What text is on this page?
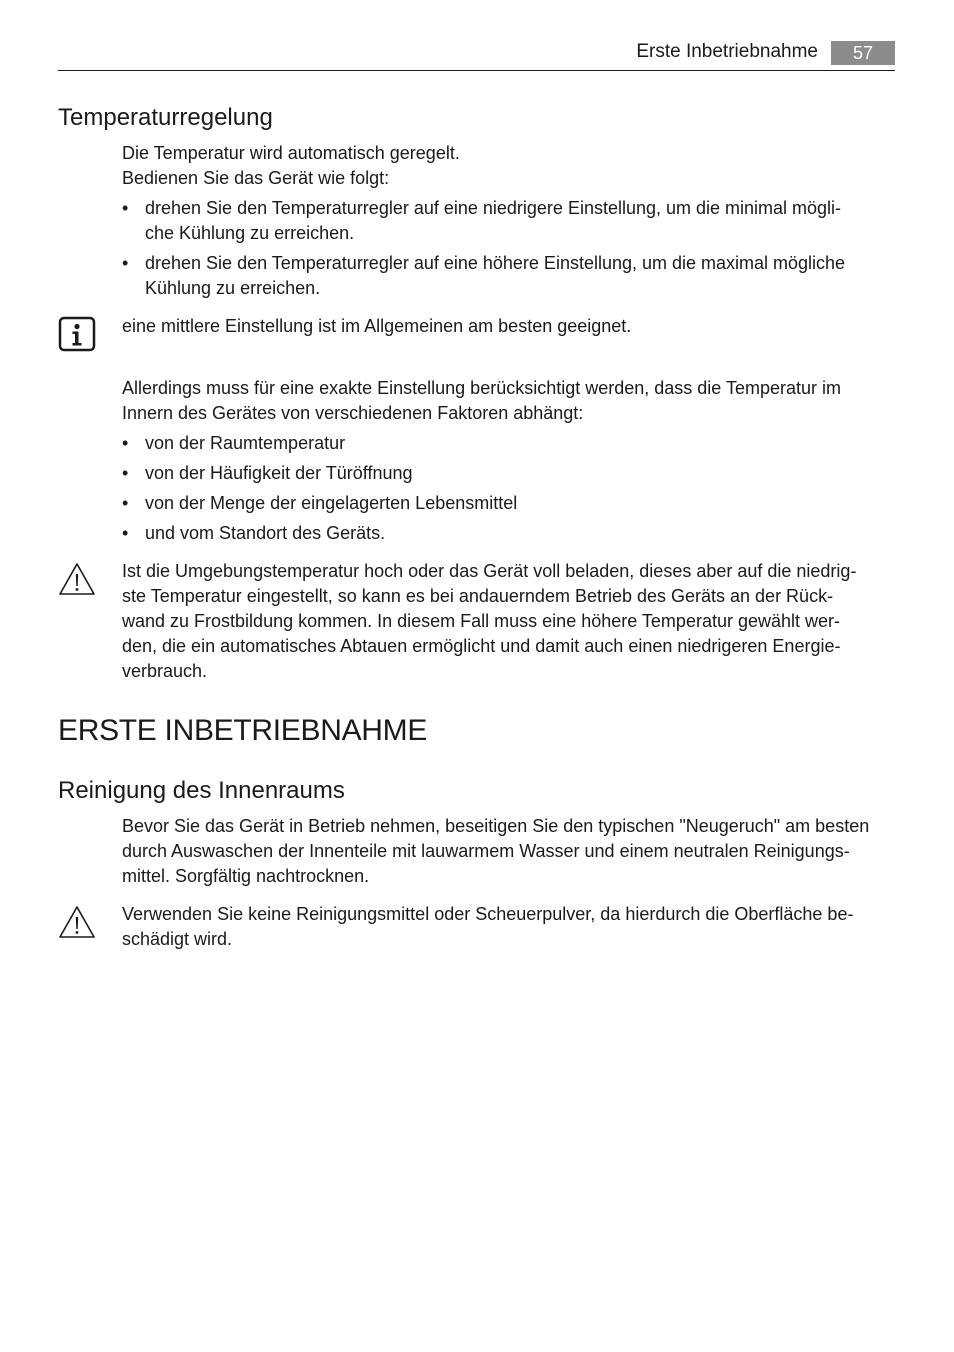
Erste Inbetriebnahme	57
Temperaturregelung
Die Temperatur wird automatisch geregelt.
Bedienen Sie das Gerät wie folgt:
• drehen Sie den Temperaturregler auf eine niedrigere Einstellung, um die minimal mögli-
che Kühlung zu erreichen.
• drehen Sie den Temperaturregler auf eine höhere Einstellung, um die maximal mögliche
Kühlung zu erreichen.
eine mittlere Einstellung ist im Allgemeinen am besten geeignet.
Allerdings muss für eine exakte Einstellung berücksichtigt werden, dass die Temperatur im
Innern des Gerätes von verschiedenen Faktoren abhängt:
• von der Raumtemperatur
• von der Häufigkeit der Türöffnung
• von der Menge der eingelagerten Lebensmittel
• und vom Standort des Geräts.
Ist die Umgebungstemperatur hoch oder das Gerät voll beladen, dieses aber auf die niedrig-
ste Temperatur eingestellt, so kann es bei andauerndem Betrieb des Geräts an der Rück-
wand zu Frostbildung kommen. In diesem Fall muss eine höhere Temperatur gewählt wer-
den, die ein automatisches Abtauen ermöglicht und damit auch einen niedrigeren Energie-
verbrauch.
ERSTE INBETRIEBNAHME
Reinigung des Innenraums
Bevor Sie das Gerät in Betrieb nehmen, beseitigen Sie den typischen "Neugeruch" am besten
durch Auswaschen der Innenteile mit lauwarmem Wasser und einem neutralen Reinigungs-
mittel. Sorgfältig nachtrocknen.
Verwenden Sie keine Reinigungsmittel oder Scheuerpulver, da hierdurch die Oberfläche be-
schädigt wird.
